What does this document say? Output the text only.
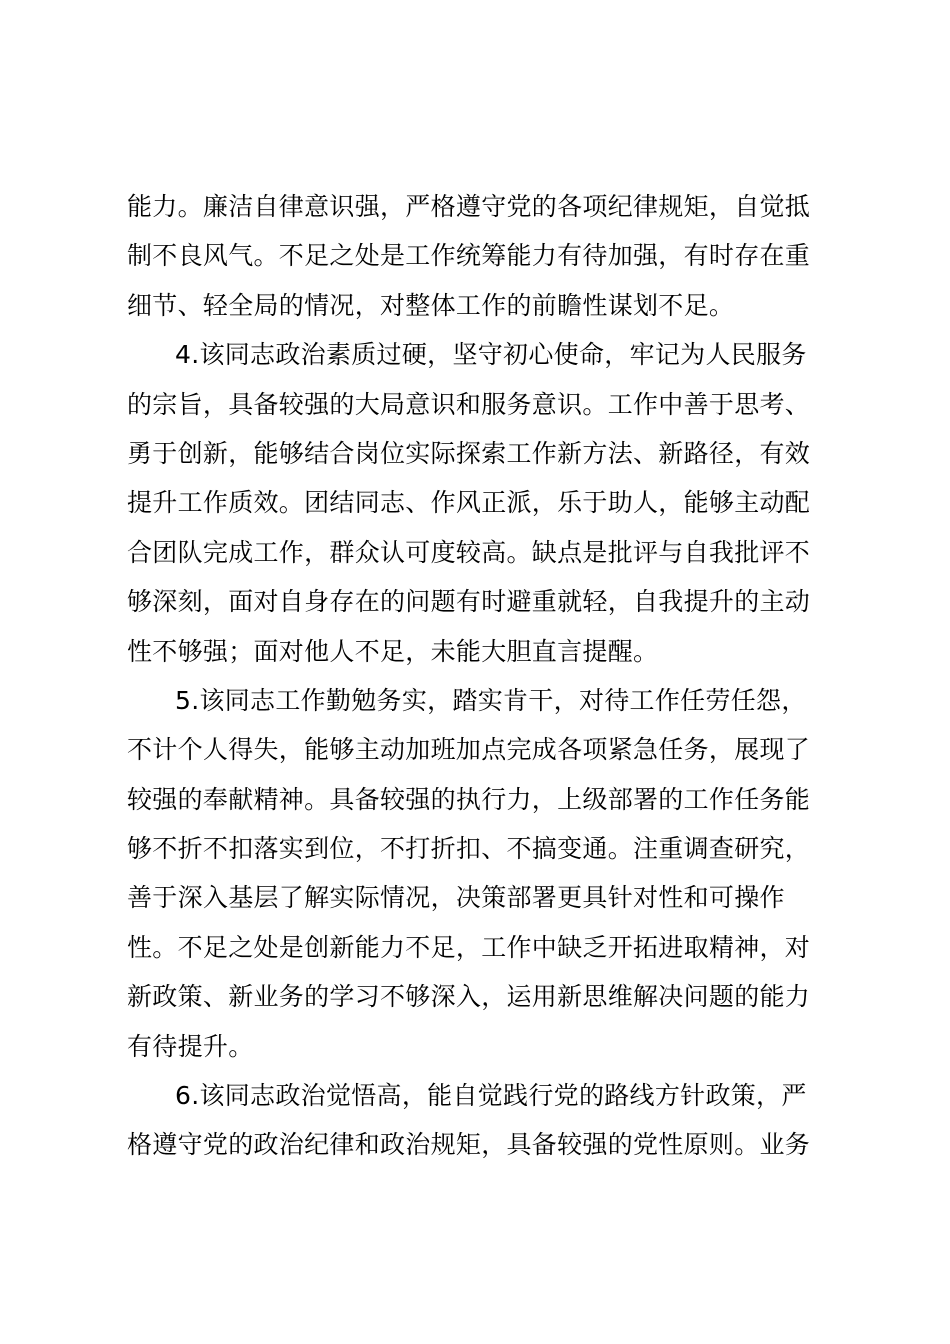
能力。廉洁自律意识强，严格遵守党的各项纪律规矩，自觉抵
制不良风气。不足之处是工作统筹能力有待加强，有时存在重
细节、轻全局的情况，对整体工作的前瞻性谋划不足。
4.该同志政治素质过硬，坚守初心使命，牢记为人民服务
的宗旨，具备较强的大局意识和服务意识。工作中善于思考、
勇于创新，能够结合岗位实际探索工作新方法、新路径，有效
提升工作质效。团结同志、作风正派，乐于助人，能够主动配
合团队完成工作，群众认可度较高。缺点是批评与自我批评不
够深刻，面对自身存在的问题有时避重就轻，自我提升的主动
性不够强；面对他人不足，未能大胆直言提醒。
5.该同志工作勤勉务实，踏实肯干，对待工作任劳任怨，
不计个人得失，能够主动加班加点完成各项紧急任务，展现了
较强的奉献精神。具备较强的执行力，上级部署的工作任务能
够不折不扣落实到位，不打折扣、不搞变通。注重调查研究，
善于深入基层了解实际情况，决策部署更具针对性和可操作
性。不足之处是创新能力不足，工作中缺乏开拓进取精神，对
新政策、新业务的学习不够深入，运用新思维解决问题的能力
有待提升。
6.该同志政治觉悟高，能自觉践行党的路线方针政策，严
格遵守党的政治纪律和政治规矩，具备较强的党性原则。业务
